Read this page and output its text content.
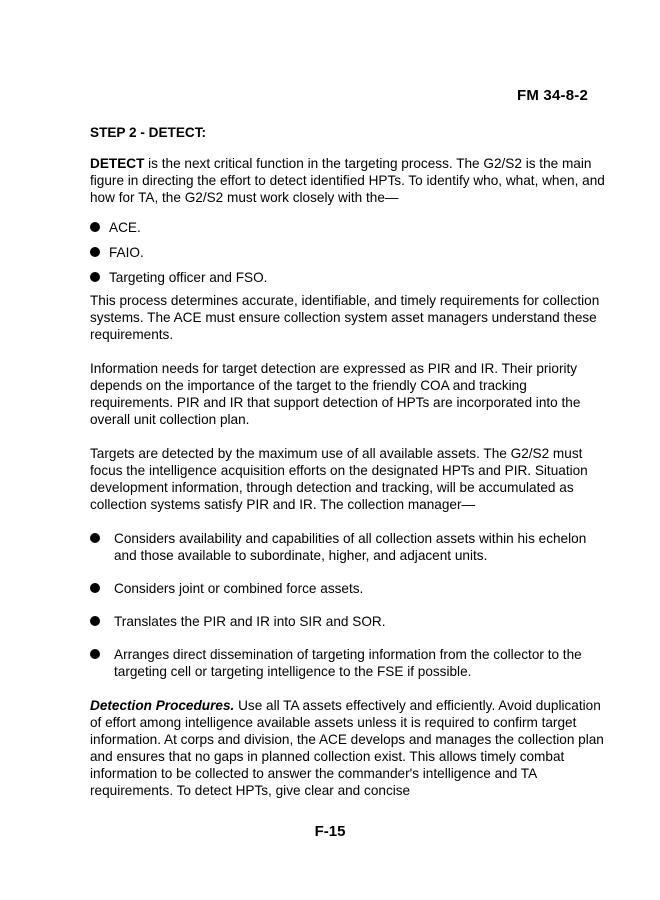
FM 34-8-2
STEP 2 - DETECT:

DETECT is the next critical function in the targeting process. The G2/S2 is the main figure in directing the effort to detect identified HPTs. To identify who, what, when, and how for TA, the G2/S2 must work closely with the—

ACE.
FAIO.
Targeting officer and FSO.

This process determines accurate, identifiable, and timely requirements for collection systems. The ACE must ensure collection system asset managers understand these requirements.

Information needs for target detection are expressed as PIR and IR. Their priority depends on the importance of the target to the friendly COA and tracking requirements. PIR and IR that support detection of HPTs are incorporated into the overall unit collection plan.

Targets are detected by the maximum use of all available assets. The G2/S2 must focus the intelligence acquisition efforts on the designated HPTs and PIR. Situation development information, through detection and tracking, will be accumulated as collection systems satisfy PIR and IR. The collection manager—

Considers availability and capabilities of all collection assets within his echelon and those available to subordinate, higher, and adjacent units.
Considers joint or combined force assets.
Translates the PIR and IR into SIR and SOR.
Arranges direct dissemination of targeting information from the collector to the targeting cell or targeting intelligence to the FSE if possible.

Detection Procedures. Use all TA assets effectively and efficiently. Avoid duplication of effort among intelligence available assets unless it is required to confirm target information. At corps and division, the ACE develops and manages the collection plan and ensures that no gaps in planned collection exist. This allows timely combat information to be collected to answer the commander's intelligence and TA requirements. To detect HPTs, give clear and concise

F-15
